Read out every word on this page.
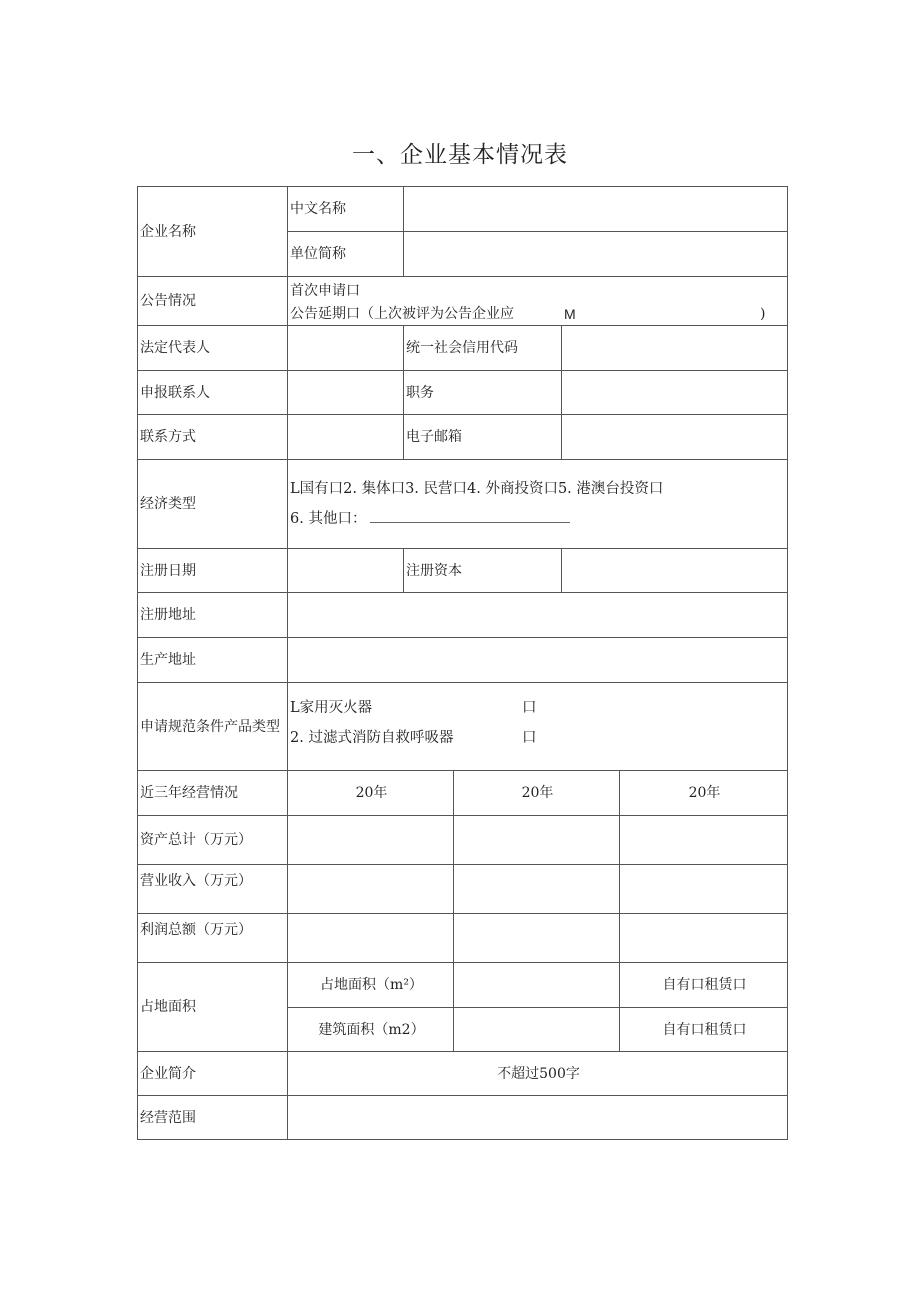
一、企业基本情况表
企业名称	中文名称				
	单位简称				
公告情况	首次申请口
公告延期口（上次被评为公告企业应 M )				

法定代表人		统一社会信用代码			
申报联系人		职务			
联系方式		电子邮箱			
经济类型	L国有口2. 集体口3. 民营口4. 外商投资口5. 港澳台投资口
6. 其他口：				

注册日期		注册资本			
注册地址					
生产地址					
申请规范条件产品类型	L家用灭火器 口
2. 过滤式消防自救呼吸器 口				

近三年经营情况	20年		20年		20年
资产总计（万元）					
营业收入（万元）					
利润总额（万元）					
占地面积	占地面积（m²）				自有口租赁口
	建筑面积（m2）				自有口租赁口
企业简介	不超过500字				
经营范围					
